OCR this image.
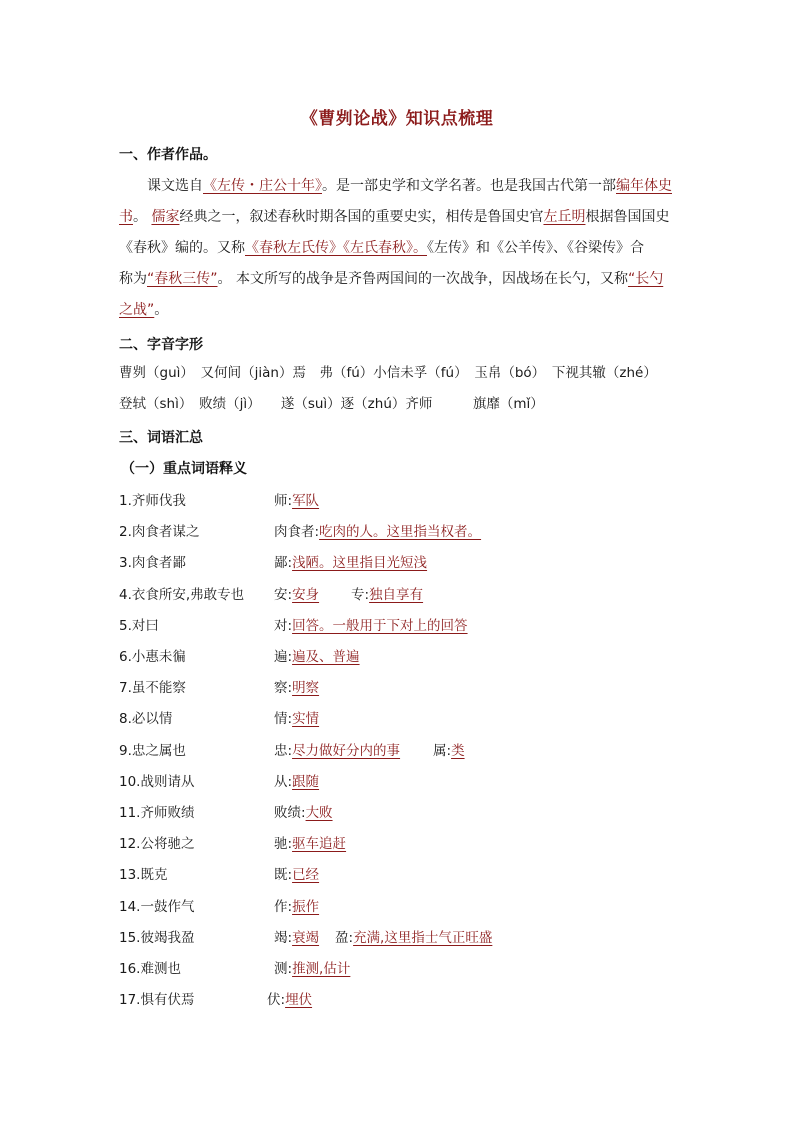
《曹刿论战》知识点梳理
一、作者作品。
　　课文选自《左传・庄公十年》。是一部史学和文学名著。也是我国古代第一部编年体史
书。 儒家经典之一，叙述春秋时期各国的重要史实，相传是鲁国史官左丘明根据鲁国国史
《春秋》编的。又称《春秋左氏传》《左氏春秋》。《左传》和《公羊传》、《谷梁传》合
称为“春秋三传”。 本文所写的战争是齐鲁两国间的一次战争，因战场在长勺，又称“长勺
之战”。
二、字音字形
曹刿（guì）　又何间（jiàn）焉　弗（fú）小信未孚（fú）　玉帛（bó）　下视其辙（zhé）
登轼（shì）　败绩（jì）　　遂（suì）逐（zhú）齐师　　　旗靡（mǐ）
三、词语汇总
（一）重点词语释义
1.齐师伐我	师:军队
2.肉食者谋之	肉食者:吃肉的人。这里指当权者。
3.肉食者鄙	鄙:浅陋。这里指目光短浅
4.衣食所安,弗敢专也 安:安身 专:独自享有
5.对曰	对:回答。一般用于下对上的回答
6.小惠未徧	遍:遍及、普遍
7.虽不能察	察:明察
8.必以情	情:实情
9.忠之属也	忠:尽力做好分内的事 属:类
10.战则请从	从:跟随
11.齐师败绩	败绩:大败
12.公将驰之	驰:驱车追赶
13.既克	既:已经
14.一鼓作气	作:振作
15.彼竭我盈	竭:衰竭 盈:充满,这里指士气正旺盛
16.难测也	测:推测,估计
17.惧有伏焉	伏:埋伏
